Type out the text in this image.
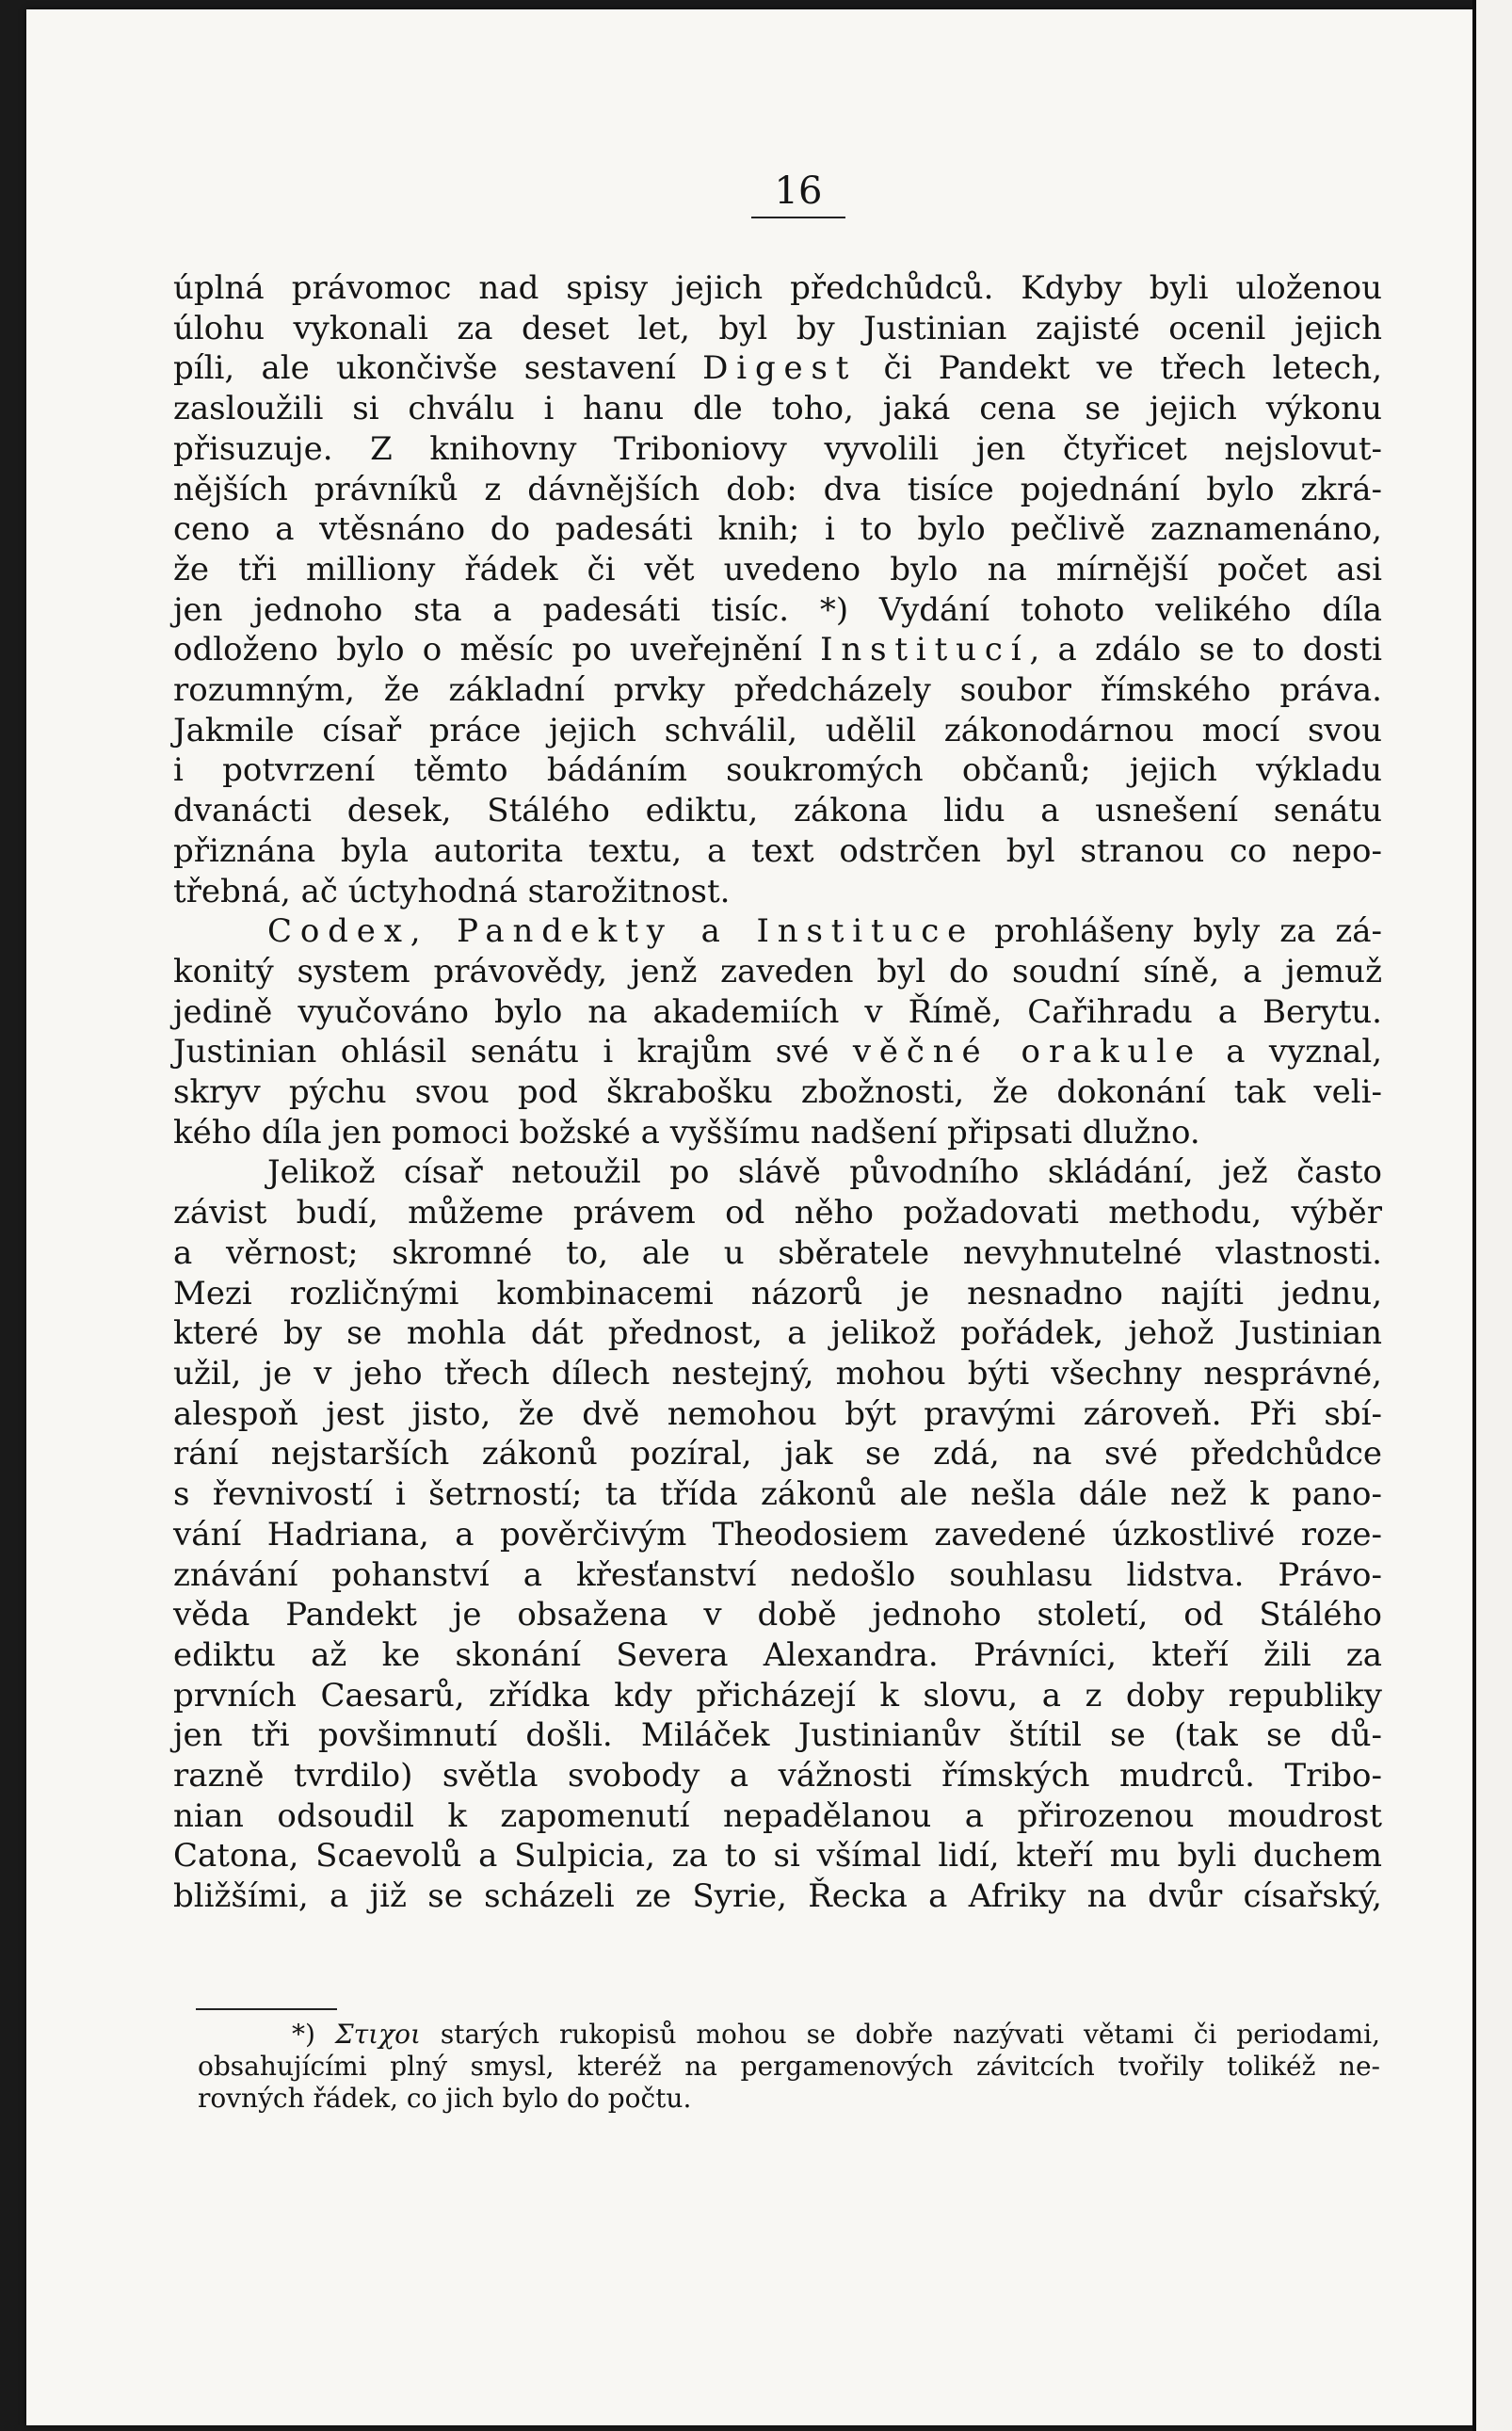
16
úplná právomoc nad spisy jejich předchůdců. Kdyby byli uloženou
úlohu vykonali za deset let, byl by Justinian zajisté ocenil jejich
píli, ale ukončivše sestavení Digest či Pandekt ve třech letech,
zasloužili si chválu i hanu dle toho, jaká cena se jejich výkonu
přisuzuje. Z knihovny Triboniovy vyvolili jen čtyřicet nejslovut-
nějších právníků z dávnějších dob: dva tisíce pojednání bylo zkrá-
ceno a vtěsnáno do padesáti knih; i to bylo pečlivě zaznamenáno,
že tři milliony řádek či vět uvedeno bylo na mírnější počet asi
jen jednoho sta a padesáti tisíc. *) Vydání tohoto velikého díla
odloženo bylo o měsíc po uveřejnění Institucí, a zdálo se to dosti
rozumným, že základní prvky předcházely soubor římského práva.
Jakmile císař práce jejich schválil, udělil zákonodárnou mocí svou
i potvrzení těmto bádáním soukromých občanů; jejich výkladu
dvanácti desek, Stálého ediktu, zákona lidu a usnešení senátu
přiznána byla autorita textu, a text odstrčen byl stranou co nepo-
třebná, ač úctyhodná starožitnost.
Codex, Pandekty a Instituce prohlášeny byly za zá-
konitý system právovědy, jenž zaveden byl do soudní síně, a jemuž
jedině vyučováno bylo na akademiích v Římě, Cařihradu a Berytu.
Justinian ohlásil senátu i krajům své věčné orakule a vyznal,
skryv pýchu svou pod škrabošku zbožnosti, že dokonání tak veli-
kého díla jen pomoci božské a vyššímu nadšení připsati dlužno.
Jelikož císař netoužil po slávě původního skládání, jež často
závist budí, můžeme právem od něho požadovati methodu, výběr
a věrnost; skromné to, ale u sběratele nevyhnutelné vlastnosti.
Mezi rozličnými kombinacemi názorů je nesnadno najíti jednu,
které by se mohla dát přednost, a jelikož pořádek, jehož Justinian
užil, je v jeho třech dílech nestejný, mohou býti všechny nesprávné,
alespoň jest jisto, že dvě nemohou být pravými zároveň. Při sbí-
rání nejstarších zákonů pozíral, jak se zdá, na své předchůdce
s řevnivostí i šetrností; ta třída zákonů ale nešla dále než k pano-
vání Hadriana, a pověrčivým Theodosiem zavedené úzkostlivé roze-
znávání pohanství a křesťanství nedošlo souhlasu lidstva. Právo-
věda Pandekt je obsažena v době jednoho století, od Stálého
ediktu až ke skonání Severa Alexandra. Právníci, kteří žili za
prvních Caesarů, zřídka kdy přicházejí k slovu, a z doby republiky
jen tři povšimnutí došli. Miláček Justinianův štítil se (tak se dů-
razně tvrdilo) světla svobody a vážnosti římských mudrců. Tribo-
nian odsoudil k zapomenutí nepadělanou a přirozenou moudrost
Catona, Scaevolů a Sulpicia, za to si všímal lidí, kteří mu byli duchem
bližšími, a již se scházeli ze Syrie, Řecka a Afriky na dvůr císařský,
*) Στιχοι starých rukopisů mohou se dobře nazývati větami či periodami,
obsahujícími plný smysl, kteréž na pergamenových závitcích tvořily tolikéž ne-
rovných řádek, co jich bylo do počtu.
